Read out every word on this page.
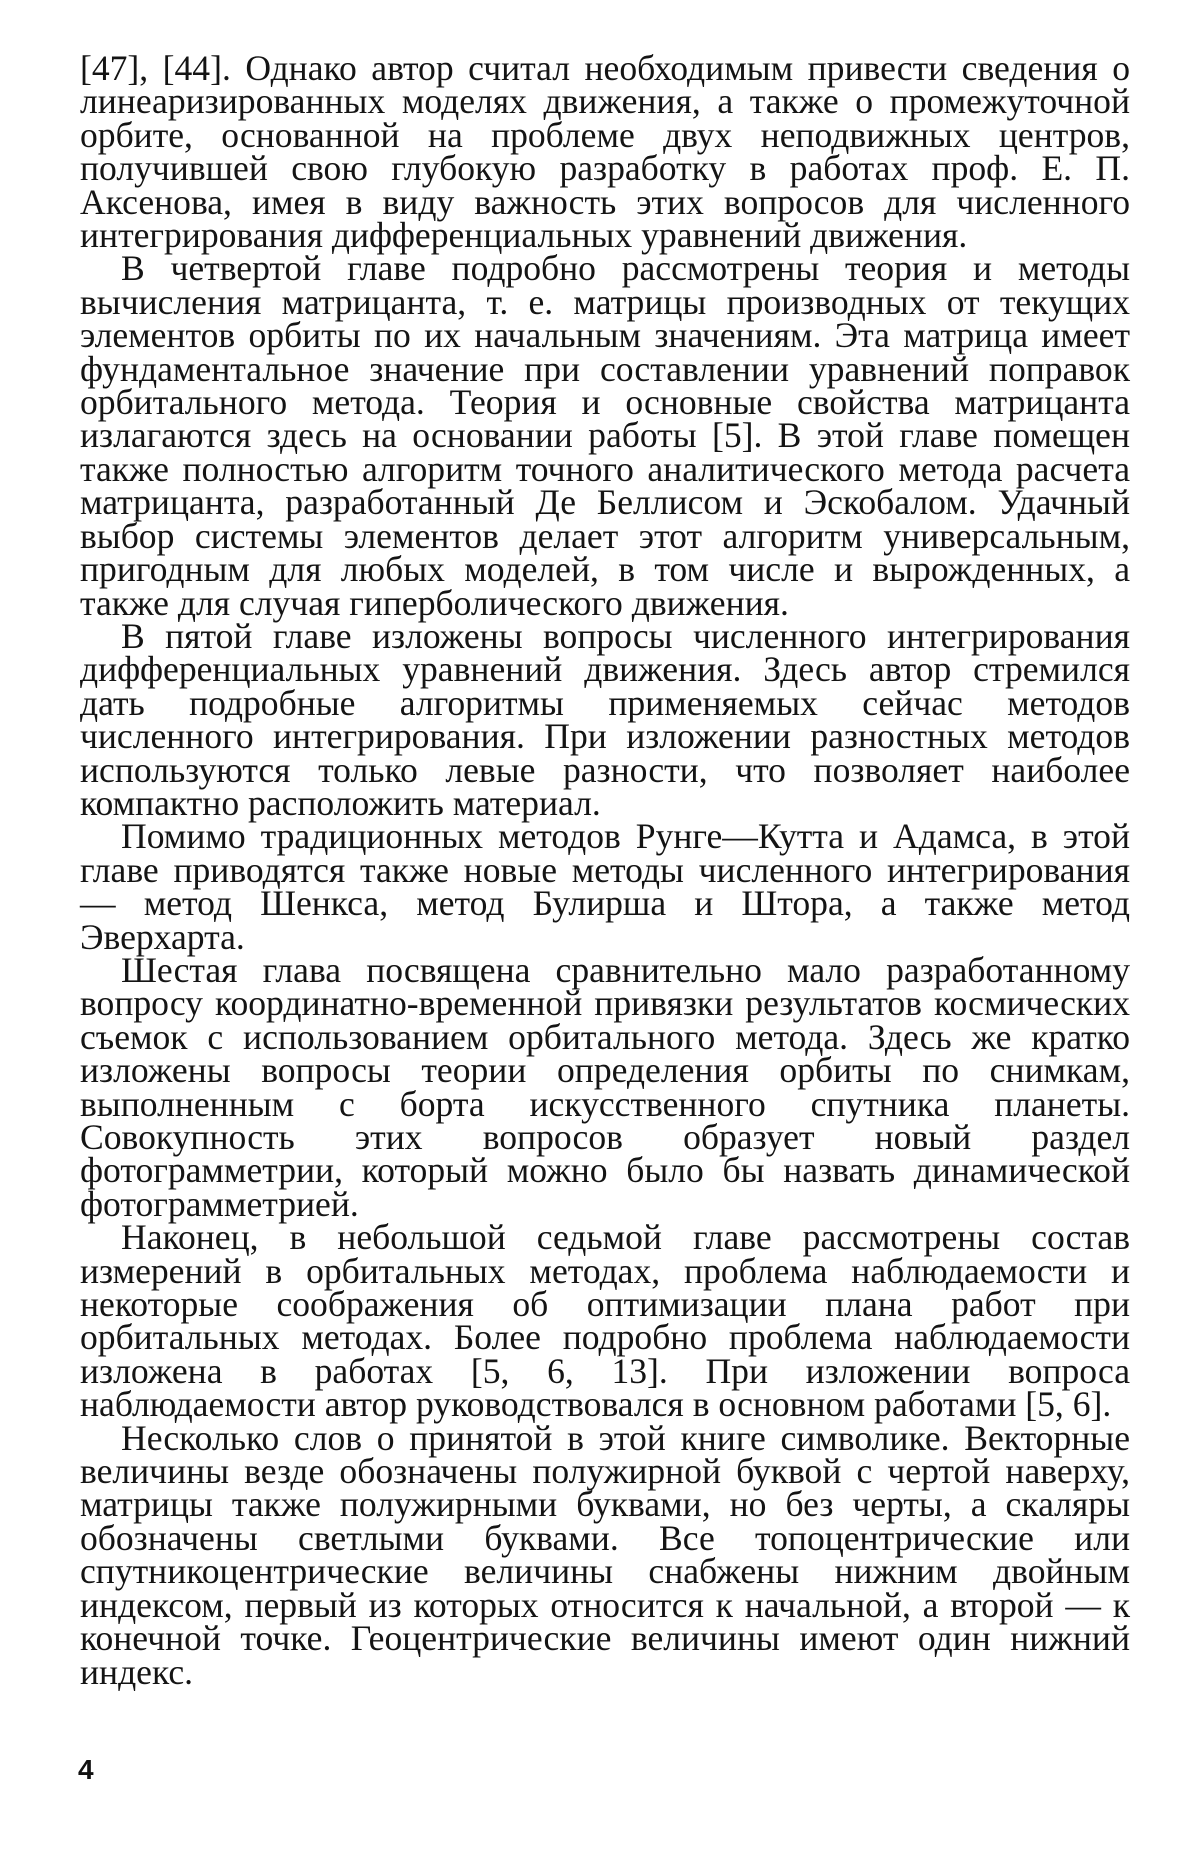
[47], [44]. Однако автор считал необходимым привести сведения о линеаризированных моделях движения, а также о промежуточной орбите, основанной на проблеме двух неподвижных центров, получившей свою глубокую разработку в работах проф. Е. П. Аксенова, имея в виду важность этих вопросов для численного интегрирования дифференциальных уравнений движения.

В четвертой главе подробно рассмотрены теория и методы вычисления матрицанта, т. е. матрицы производных от текущих элементов орбиты по их начальным значениям. Эта матрица имеет фундаментальное значение при составлении уравнений поправок орбитального метода. Теория и основные свойства матрицанта излагаются здесь на основании работы [5]. В этой главе помещен также полностью алгоритм точного аналитического метода расчета матрицанта, разработанный Де Беллисом и Эскобалом. Удачный выбор системы элементов делает этот алгоритм универсальным, пригодным для любых моделей, в том числе и вырожденных, а также для случая гиперболического движения.

В пятой главе изложены вопросы численного интегрирования дифференциальных уравнений движения. Здесь автор стремился дать подробные алгоритмы применяемых сейчас методов численного интегрирования. При изложении разностных методов используются только левые разности, что позволяет наиболее компактно расположить материал.

Помимо традиционных методов Рунге—Кутта и Адамса, в этой главе приводятся также новые методы численного интегрирования — метод Шенкса, метод Булирша и Штора, а также метод Эверхарта.

Шестая глава посвящена сравнительно мало разработанному вопросу координатно-временной привязки результатов космических съемок с использованием орбитального метода. Здесь же кратко изложены вопросы теории определения орбиты по снимкам, выполненным с борта искусственного спутника планеты. Совокупность этих вопросов образует новый раздел фотограмметрии, который можно было бы назвать динамической фотограмметрией.

Наконец, в небольшой седьмой главе рассмотрены состав измерений в орбитальных методах, проблема наблюдаемости и некоторые соображения об оптимизации плана работ при орбитальных методах. Более подробно проблема наблюдаемости изложена в работах [5, 6, 13]. При изложении вопроса наблюдаемости автор руководствовался в основном работами [5, 6].

Несколько слов о принятой в этой книге символике. Векторные величины везде обозначены полужирной буквой с чертой наверху, матрицы также полужирными буквами, но без черты, а скаляры обозначены светлыми буквами. Все топоцентрические или спутникоцентрические величины снабжены нижним двойным индексом, первый из которых относится к начальной, а второй — к конечной точке. Геоцентрические величины имеют один нижний индекс.

4
